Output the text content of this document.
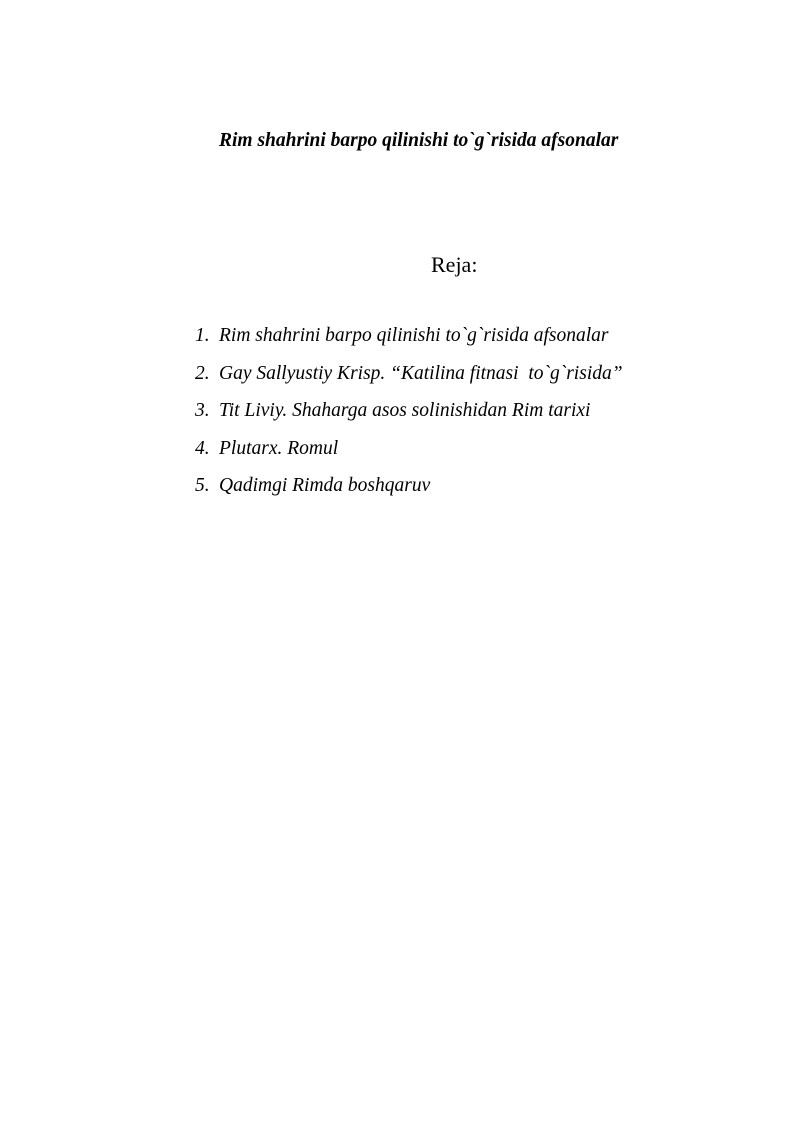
Rim shahrini barpo qilinishi to`g`risida afsonalar
Reja:
1. Rim shahrini barpo qilinishi to`g`risida afsonalar
2. Gay Sallyustiy Krisp. “Katilina fitnasi  to`g`risida”
3. Tit Liviy. Shaharga asos solinishidan Rim tarixi
4. Plutarx. Romul
5. Qadimgi Rimda boshqaruv
